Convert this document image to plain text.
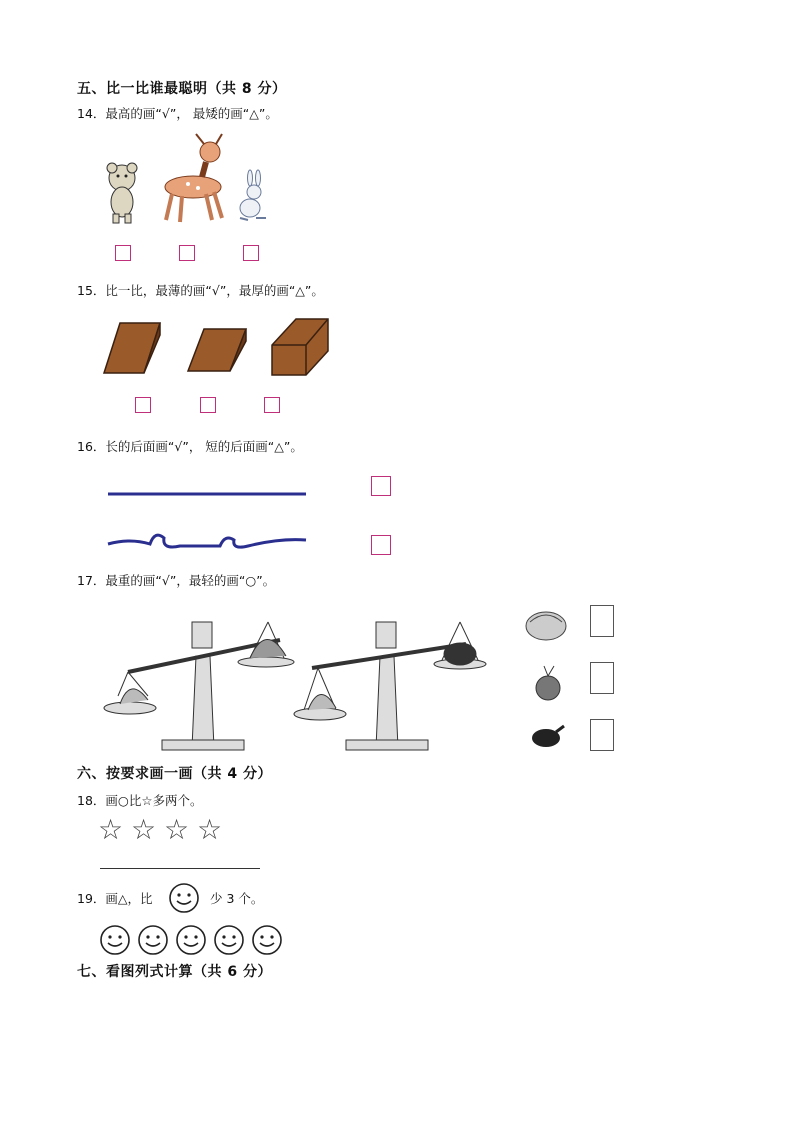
五、比一比谁最聪明（共 8 分）
14．最高的画“√”， 最矮的画“△”。
15．比一比，最薄的画“√”，最厚的画“△”。
16．长的后面画“√”， 短的后面画“△”。
17．最重的画“√”，最轻的画“○”。
六、按要求画一画（共 4 分）
18．画○比☆多两个。
☆ ☆ ☆ ☆
19．画△，比	少 3 个。
七、看图列式计算（共 6 分）
